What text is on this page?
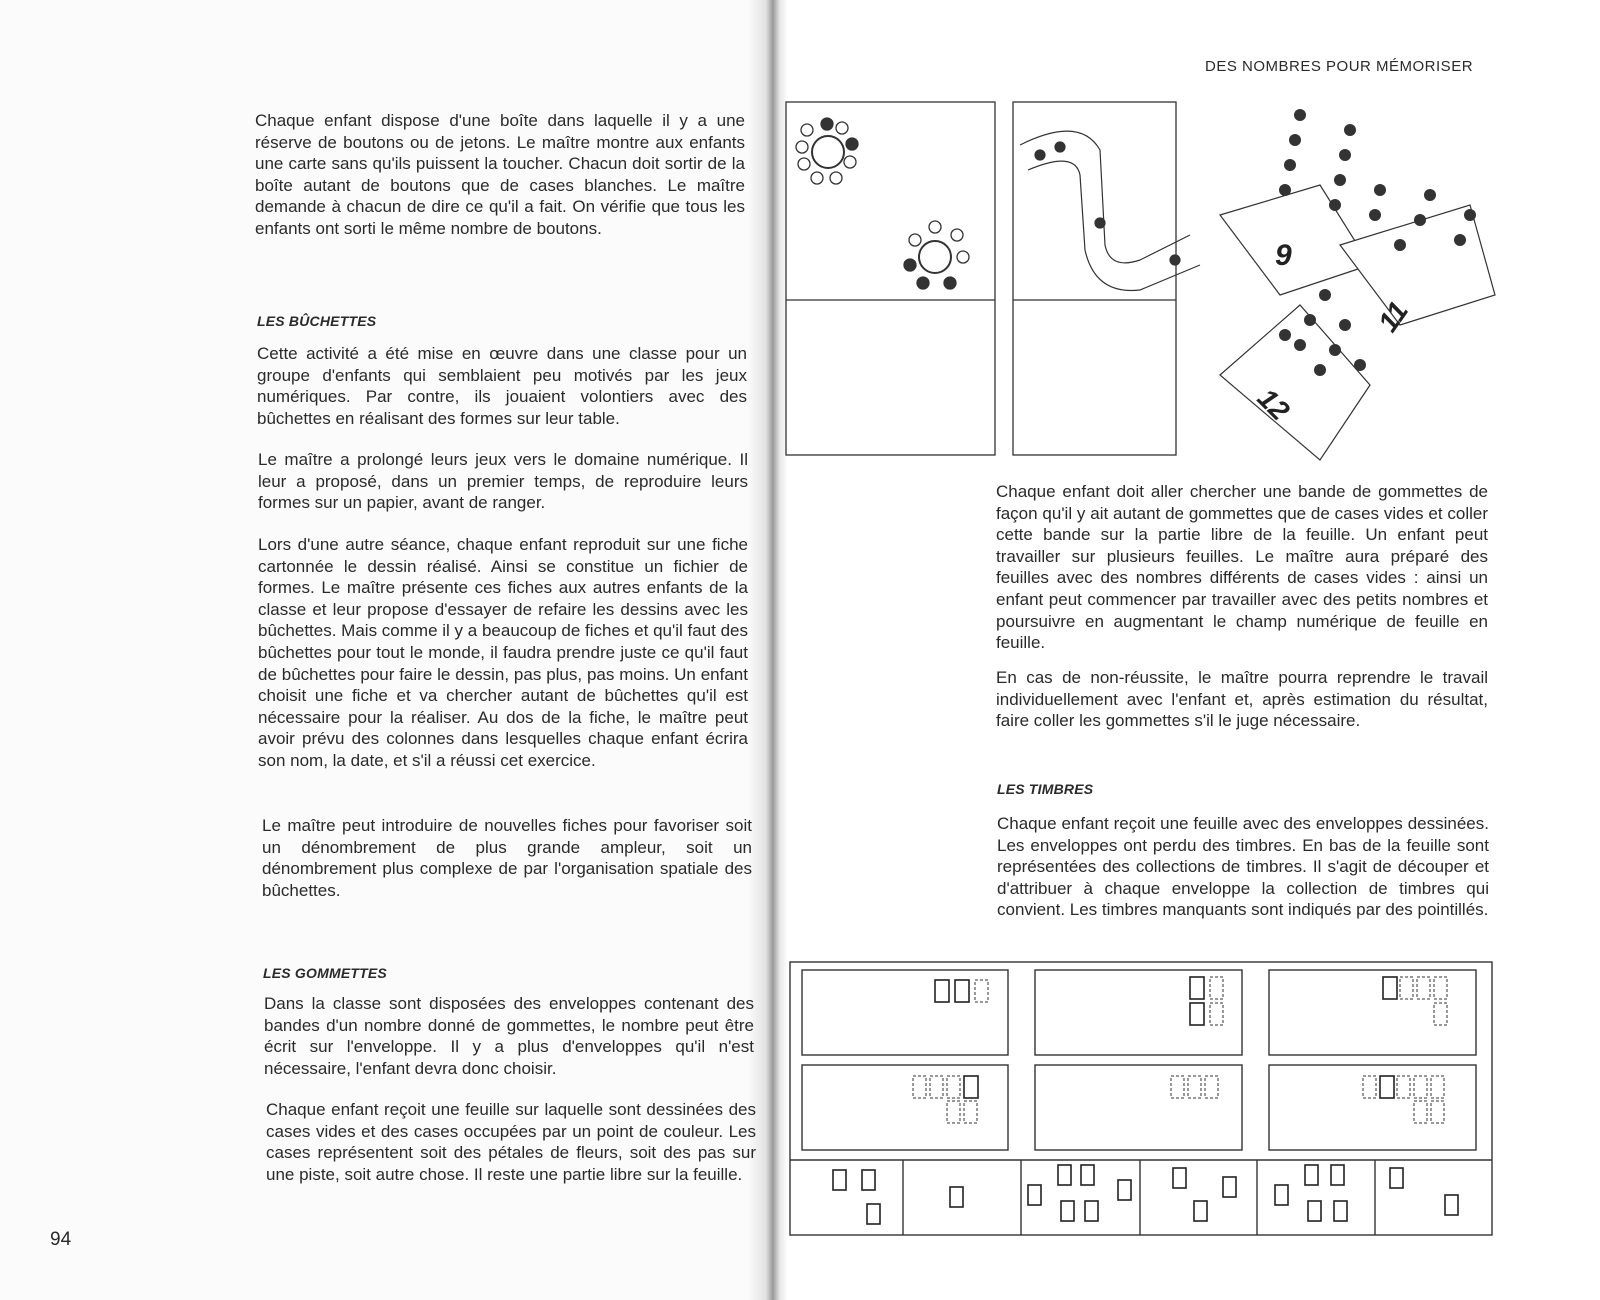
Chaque enfant dispose d'une boîte dans laquelle il y a une réserve de boutons ou de jetons. Le maître montre aux enfants une carte sans qu'ils puissent la toucher. Chacun doit sortir de la boîte autant de boutons que de cases blanches. Le maître demande à chacun de dire ce qu'il a fait. On vérifie que tous les enfants ont sorti le même nombre de boutons.

LES BÛCHETTES

Cette activité a été mise en œuvre dans une classe pour un groupe d'enfants qui semblaient peu motivés par les jeux numériques. Par contre, ils jouaient volontiers avec des bûchettes en réalisant des formes sur leur table.

Le maître a prolongé leurs jeux vers le domaine numérique. Il leur a proposé, dans un premier temps, de reproduire leurs formes sur un papier, avant de ranger.

Lors d'une autre séance, chaque enfant reproduit sur une fiche cartonnée le dessin réalisé. Ainsi se constitue un fichier de formes. Le maître présente ces fiches aux autres enfants de la classe et leur propose d'essayer de refaire les dessins avec les bûchettes. Mais comme il y a beaucoup de fiches et qu'il faut des bûchettes pour tout le monde, il faudra prendre juste ce qu'il faut de bûchettes pour faire le dessin, pas plus, pas moins. Un enfant choisit une fiche et va chercher autant de bûchettes qu'il est nécessaire pour la réaliser. Au dos de la fiche, le maître peut avoir prévu des colonnes dans lesquelles chaque enfant écrira son nom, la date, et s'il a réussi cet exercice.

Le maître peut introduire de nouvelles fiches pour favoriser soit un dénombrement de plus grande ampleur, soit un dénombrement plus complexe de par l'organisation spatiale des bûchettes.

LES GOMMETTES

Dans la classe sont disposées des enveloppes contenant des bandes d'un nombre donné de gommettes, le nombre peut être écrit sur l'enveloppe. Il y a plus d'enveloppes qu'il n'est nécessaire, l'enfant devra donc choisir.

Chaque enfant reçoit une feuille sur laquelle sont dessinées des cases vides et des cases occupées par un point de couleur. Les cases représentent soit des pétales de fleurs, soit des pas sur une piste, soit autre chose. Il reste une partie libre sur la feuille.

94
DES NOMBRES POUR MÉMORISER
9
11
12

Chaque enfant doit aller chercher une bande de gommettes de façon qu'il y ait autant de gommettes que de cases vides et coller cette bande sur la partie libre de la feuille. Un enfant peut travailler sur plusieurs feuilles. Le maître aura préparé des feuilles avec des nombres différents de cases vides : ainsi un enfant peut commencer par travailler avec des petits nombres et poursuivre en augmentant le champ numérique de feuille en feuille.

En cas de non-réussite, le maître pourra reprendre le travail individuellement avec l'enfant et, après estimation du résultat, faire coller les gommettes s'il le juge nécessaire.

LES TIMBRES

Chaque enfant reçoit une feuille avec des enveloppes dessinées. Les enveloppes ont perdu des timbres. En bas de la feuille sont représentées des collections de timbres. Il s'agit de découper et d'attribuer à chaque enveloppe la collection de timbres qui convient. Les timbres manquants sont indiqués par des pointillés.
